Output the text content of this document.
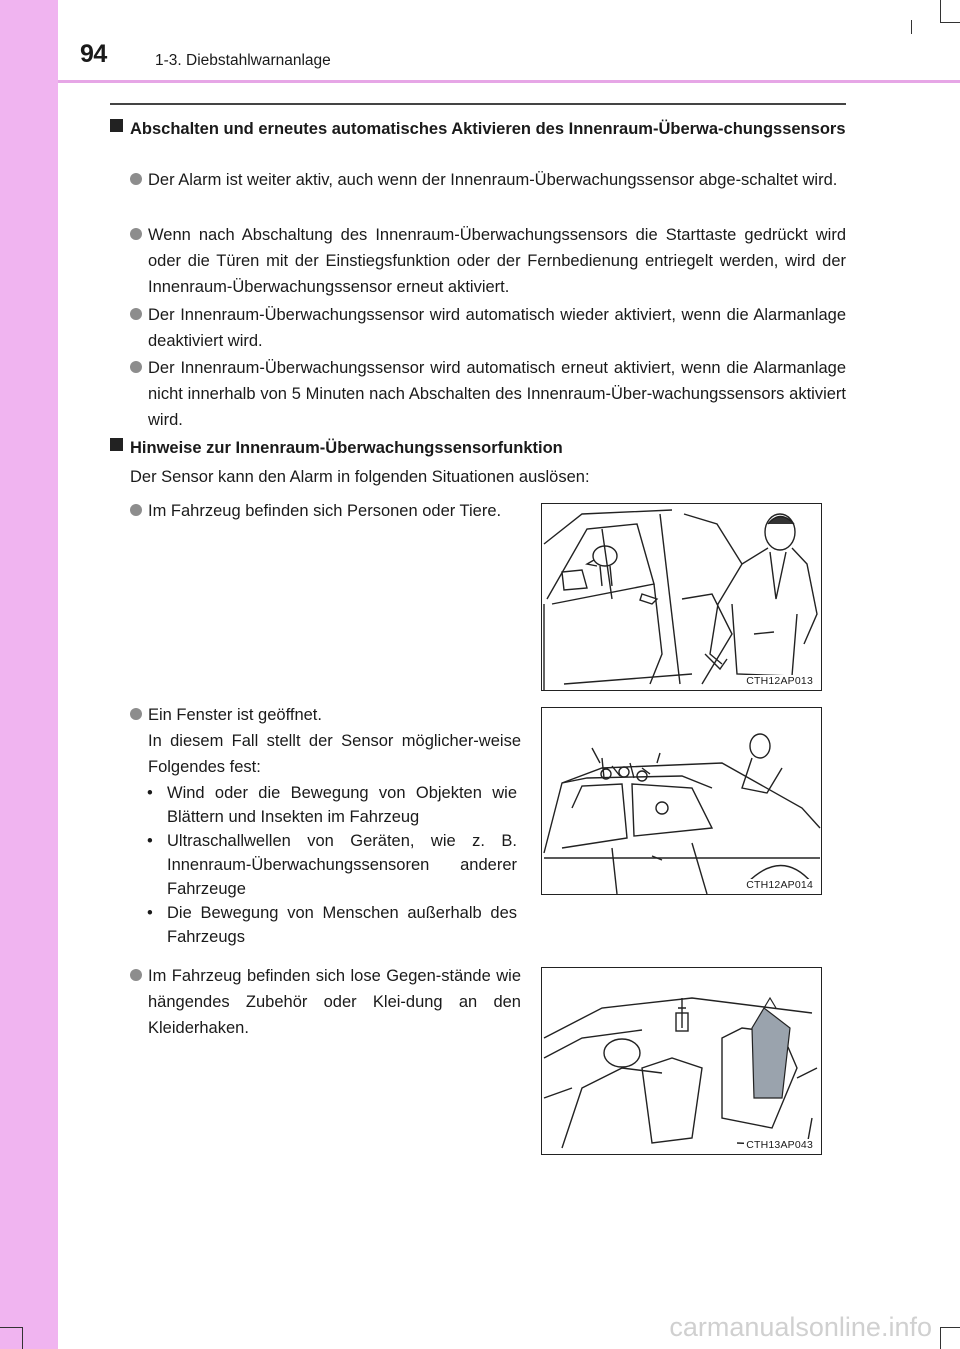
94	1-3. Diebstahlwarnanlage
Abschalten und erneutes automatisches Aktivieren des Innenraum-Überwa-chungssensors
Der Alarm ist weiter aktiv, auch wenn der Innenraum-Überwachungssensor abge-schaltet wird.
Wenn nach Abschaltung des Innenraum-Überwachungssensors die Starttaste gedrückt wird oder die Türen mit der Einstiegsfunktion oder der Fernbedienung entriegelt werden, wird der Innenraum-Überwachungssensor erneut aktiviert.
Der Innenraum-Überwachungssensor wird automatisch wieder aktiviert, wenn die Alarmanlage deaktiviert wird.
Der Innenraum-Überwachungssensor wird automatisch erneut aktiviert, wenn die Alarmanlage nicht innerhalb von 5 Minuten nach Abschalten des Innenraum-Über-wachungssensors aktiviert wird.
Hinweise zur Innenraum-Überwachungssensorfunktion
Der Sensor kann den Alarm in folgenden Situationen auslösen:
Im Fahrzeug befinden sich Personen oder Tiere.
Ein Fenster ist geöffnet.
In diesem Fall stellt der Sensor möglicher-weise Folgendes fest:
• Wind oder die Bewegung von Objekten wie Blättern und Insekten im Fahrzeug
• Ultraschallwellen von Geräten, wie z. B. Innenraum-Überwachungssensoren anderer Fahrzeuge
• Die Bewegung von Menschen außerhalb des Fahrzeugs
Im Fahrzeug befinden sich lose Gegen-stände wie hängendes Zubehör oder Klei-dung an den Kleiderhaken.
CTH12AP013
CTH12AP014
CTH13AP043
carmanualsonline.info
